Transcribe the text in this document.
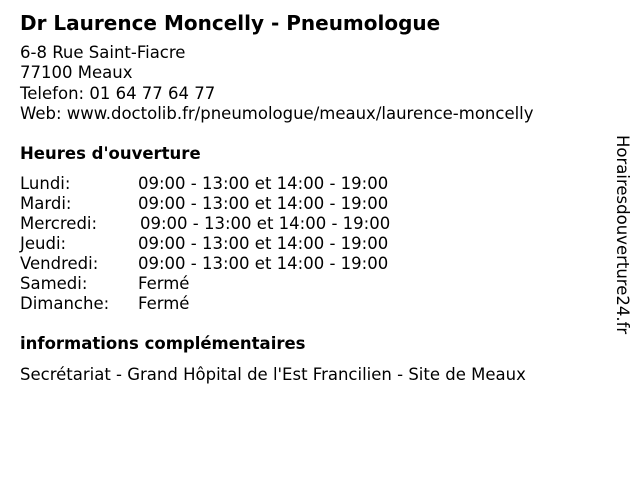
Dr Laurence Moncelly - Pneumologue
6-8 Rue Saint-Fiacre
77100 Meaux
Telefon: 01 64 77 64 77
Web: www.doctolib.fr/pneumologue/meaux/laurence-moncelly
Heures d'ouverture
Lundi:	09:00 - 13:00 et 14:00 - 19:00
Mardi:	09:00 - 13:00 et 14:00 - 19:00
Mercredi:	09:00 - 13:00 et 14:00 - 19:00
Jeudi:	09:00 - 13:00 et 14:00 - 19:00
Vendredi: 09:00 - 13:00 et 14:00 - 19:00
Samedi:	Fermé
Dimanche: Fermé
informations complémentaires
Secrétariat - Grand Hôpital de l'Est Francilien - Site de Meaux
Horairesdouverture24.fr
